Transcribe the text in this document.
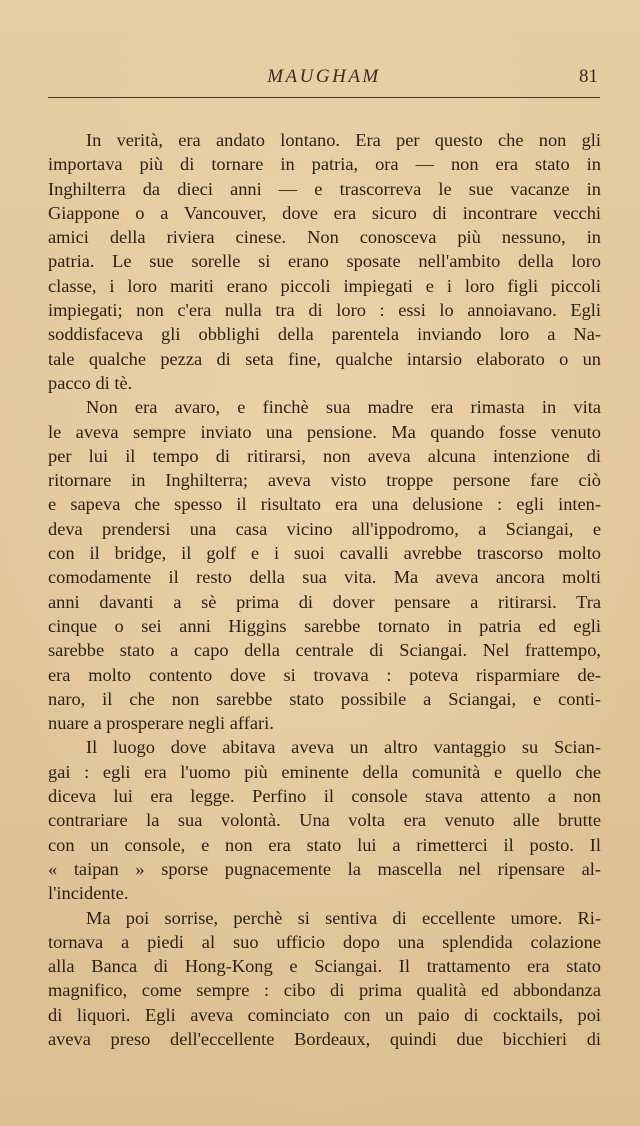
MAUGHAM	81
In verità, era andato lontano. Era per questo che non gli
importava più di tornare in patria, ora — non era stato in
Inghilterra da dieci anni — e trascorreva le sue vacanze in
Giappone o a Vancouver, dove era sicuro di incontrare vecchi
amici della riviera cinese. Non conosceva più nessuno, in
patria. Le sue sorelle si erano sposate nell'ambito della loro
classe, i loro mariti erano piccoli impiegati e i loro figli piccoli
impiegati; non c'era nulla tra di loro : essi lo annoiavano. Egli
soddisfaceva gli obblighi della parentela inviando loro a Na-
tale qualche pezza di seta fine, qualche intarsio elaborato o un
pacco di tè.
Non era avaro, e finchè sua madre era rimasta in vita
le aveva sempre inviato una pensione. Ma quando fosse venuto
per lui il tempo di ritirarsi, non aveva alcuna intenzione di
ritornare in Inghilterra; aveva visto troppe persone fare ciò
e sapeva che spesso il risultato era una delusione : egli inten-
deva prendersi una casa vicino all'ippodromo, a Sciangai, e
con il bridge, il golf e i suoi cavalli avrebbe trascorso molto
comodamente il resto della sua vita. Ma aveva ancora molti
anni davanti a sè prima di dover pensare a ritirarsi. Tra
cinque o sei anni Higgins sarebbe tornato in patria ed egli
sarebbe stato a capo della centrale di Sciangai. Nel frattempo,
era molto contento dove si trovava : poteva risparmiare de-
naro, il che non sarebbe stato possibile a Sciangai, e conti-
nuare a prosperare negli affari.
Il luogo dove abitava aveva un altro vantaggio su Scian-
gai : egli era l'uomo più eminente della comunità e quello che
diceva lui era legge. Perfino il console stava attento a non
contrariare la sua volontà. Una volta era venuto alle brutte
con un console, e non era stato lui a rimetterci il posto. Il
« taipan » sporse pugnacemente la mascella nel ripensare al-
l'incidente.
Ma poi sorrise, perchè si sentiva di eccellente umore. Ri-
tornava a piedi al suo ufficio dopo una splendida colazione
alla Banca di Hong-Kong e Sciangai. Il trattamento era stato
magnifico, come sempre : cibo di prima qualità ed abbondanza
di liquori. Egli aveva cominciato con un paio di cocktails, poi
aveva preso dell'eccellente Bordeaux, quindi due bicchieri di
